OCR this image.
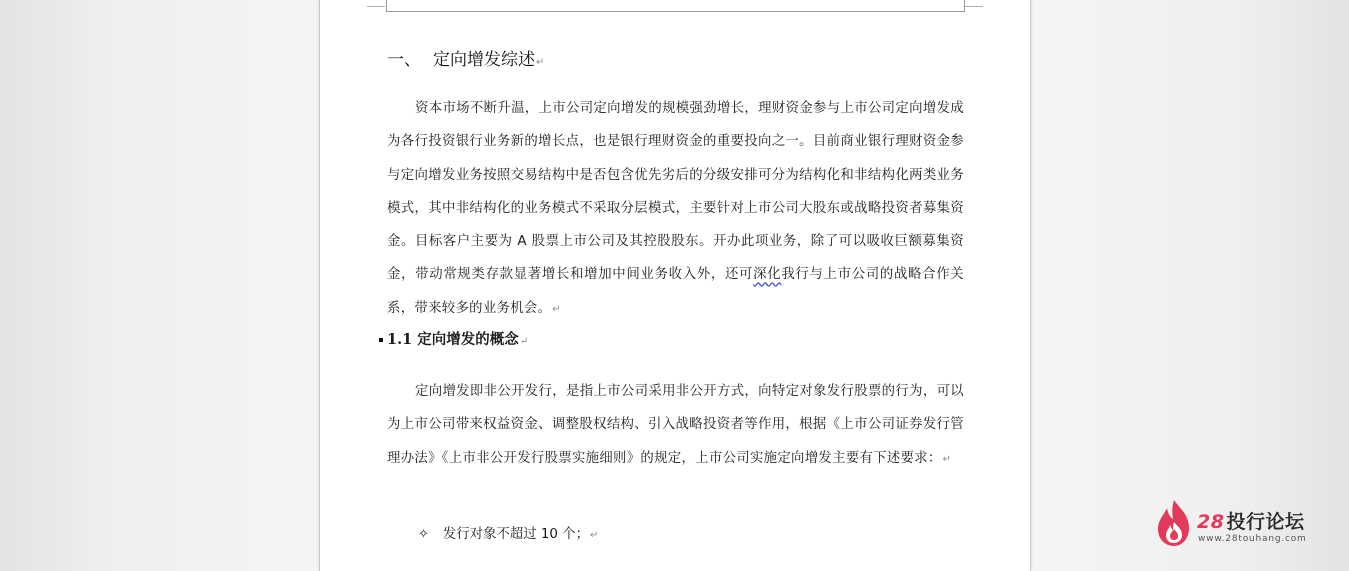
一、 定向增发综述↵
资本市场不断升温，上市公司定向增发的规模强劲增长，理财资金参与上市公司定向增发成为各行投资银行业务新的增长点，也是银行理财资金的重要投向之一。目前商业银行理财资金参与定向增发业务按照交易结构中是否包含优先劣后的分级安排可分为结构化和非结构化两类业务模式，其中非结构化的业务模式不采取分层模式，主要针对上市公司大股东或战略投资者募集资金。目标客户主要为 A 股票上市公司及其控股股东。开办此项业务，除了可以吸收巨额募集资金，带动常规类存款显著增长和增加中间业务收入外，还可深化我行与上市公司的战略合作关系，带来较多的业务机会。↵
1.1 定向增发的概念↵
定向增发即非公开发行，是指上市公司采用非公开方式，向特定对象发行股票的行为，可以为上市公司带来权益资金、调整股权结构、引入战略投资者等作用，根据《上市公司证券发行管理办法》《上市非公开发行股票实施细则》的规定，上市公司实施定向增发主要有下述要求：↵
✧ 发行对象不超过 10 个；↵
28 投行论坛
www.28touhang.com
